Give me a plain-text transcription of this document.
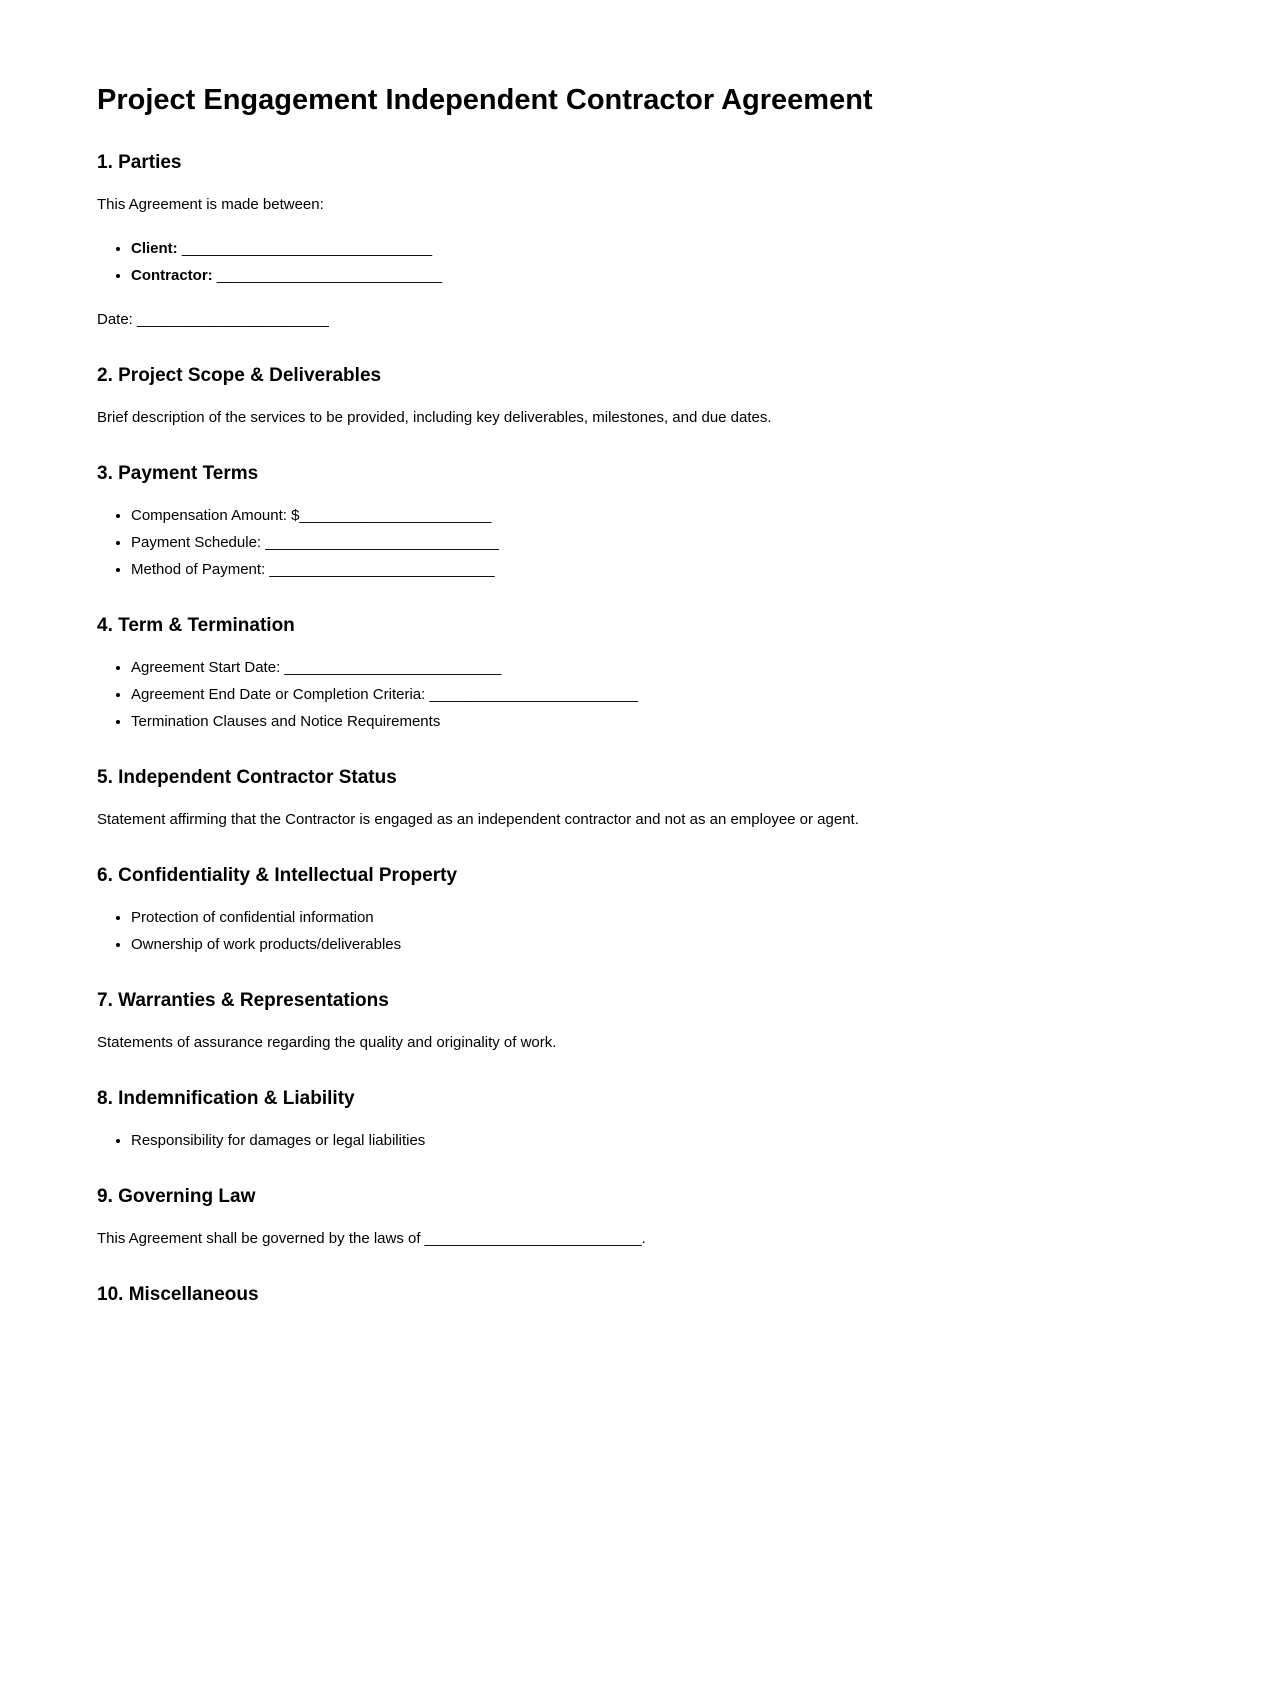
Project Engagement Independent Contractor Agreement
1. Parties

This Agreement is made between:

• Client: ______________________________
• Contractor: ___________________________

Date: _______________________

2. Project Scope & Deliverables

Brief description of the services to be provided, including key deliverables, milestones, and due dates.

3. Payment Terms
• Compensation Amount: $_______________________
• Payment Schedule: ____________________________
• Method of Payment: ___________________________
4. Term & Termination
• Agreement Start Date: __________________________
• Agreement End Date or Completion Criteria: _________________________
• Termination Clauses and Notice Requirements
5. Independent Contractor Status

Statement affirming that the Contractor is engaged as an independent contractor and not as an employee or agent.

6. Confidentiality & Intellectual Property
• Protection of confidential information
• Ownership of work products/deliverables
7. Warranties & Representations

Statements of assurance regarding the quality and originality of work.

8. Indemnification & Liability
• Responsibility for damages or legal liabilities
9. Governing Law

This Agreement shall be governed by the laws of __________________________.

10. Miscellaneous
